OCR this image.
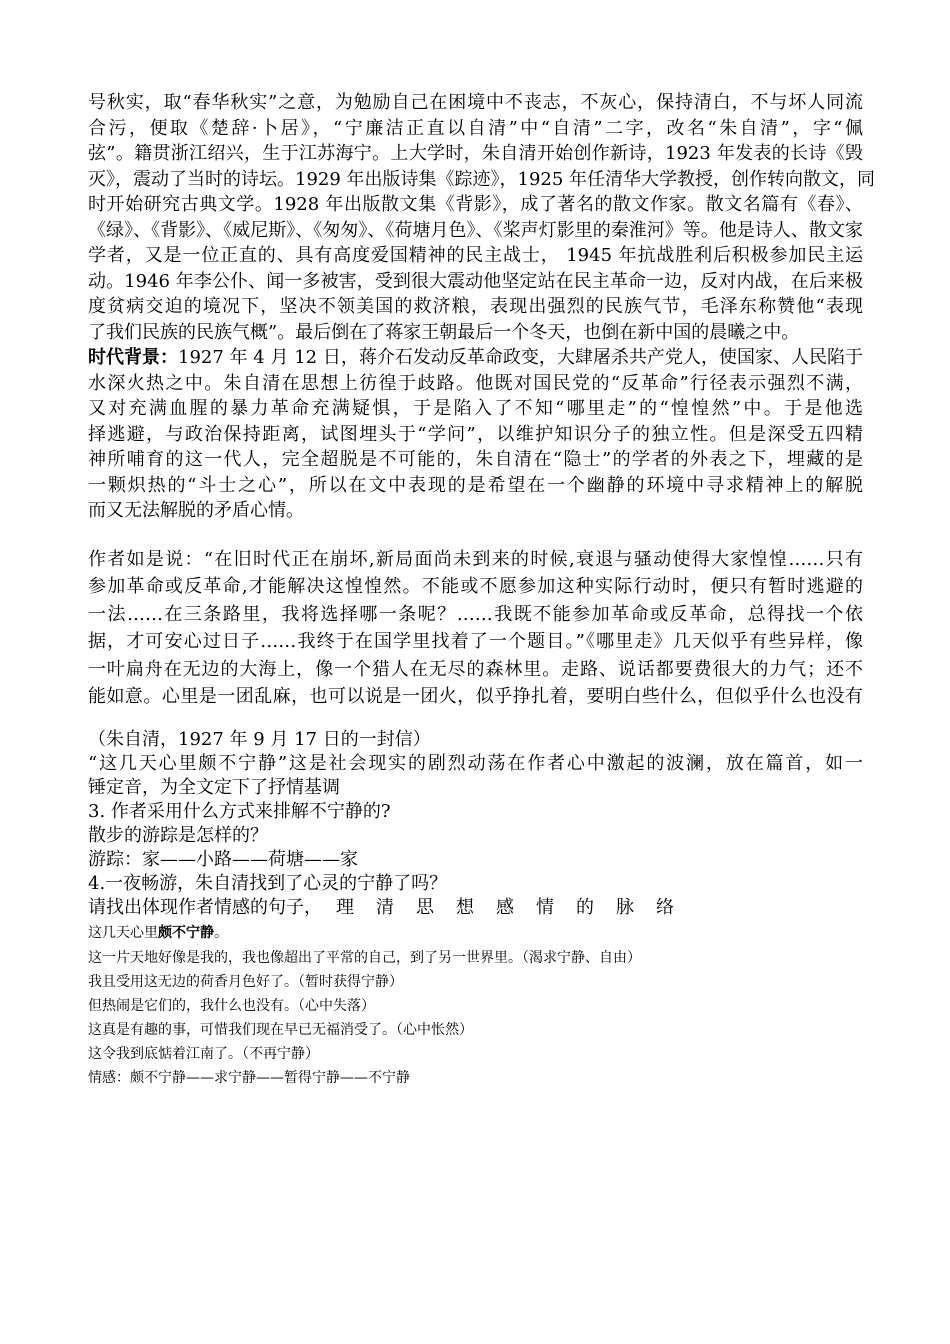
号秋实，取“春华秋实”之意，为勉励自己在困境中不丧志，不灰心，保持清白，不与坏人同流
合污，便取《楚辞·卜居》，“宁廉洁正直以自清”中“自清”二字，改名“朱自清”，字“佩
弦”。籍贯浙江绍兴，生于江苏海宁。上大学时，朱自清开始创作新诗，1923 年发表的长诗《毁
灭》，震动了当时的诗坛。1929 年出版诗集《踪迹》，1925 年任清华大学教授，创作转向散文，同
时开始研究古典文学。1928 年出版散文集《背影》，成了著名的散文作家。散文名篇有《春》、
《绿》、《背影》、《威尼斯》、《匆匆》、《荷塘月色》、《桨声灯影里的秦淮河》等。他是诗人、散文家
学者，又是一位正直的、具有高度爱国精神的民主战士， 1945 年抗战胜利后积极参加民主运
动。1946 年李公仆、闻一多被害，受到很大震动他坚定站在民主革命一边，反对内战，在后来极
度贫病交迫的境况下，坚决不领美国的救济粮，表现出强烈的民族气节，毛泽东称赞他“表现
了我们民族的民族气概”。最后倒在了蒋家王朝最后一个冬天，也倒在新中国的晨曦之中。
时代背景：1927 年 4 月 12 日，蒋介石发动反革命政变，大肆屠杀共产党人，使国家、人民陷于
水深火热之中。朱自清在思想上彷徨于歧路。他既对国民党的“反革命”行径表示强烈不满，
又对充满血腥的暴力革命充满疑惧，于是陷入了不知“哪里走”的“惶惶然”中。于是他选
择逃避，与政治保持距离，试图埋头于“学问”，以维护知识分子的独立性。但是深受五四精
神所哺育的这一代人，完全超脱是不可能的，朱自清在“隐士”的学者的外表之下，埋藏的是
一颗炽热的“斗士之心”，所以在文中表现的是希望在一个幽静的环境中寻求精神上的解脱
而又无法解脱的矛盾心情。
作者如是说：“在旧时代正在崩坏,新局面尚未到来的时候,衰退与骚动使得大家惶惶……只有
参加革命或反革命,才能解决这惶惶然。不能或不愿参加这种实际行动时，便只有暂时逃避的
一法……在三条路里，我将选择哪一条呢？……我既不能参加革命或反革命，总得找一个依
据，才可安心过日子……我终于在国学里找着了一个题目。”《哪里走》几天似乎有些异样，像
一叶扁舟在无边的大海上，像一个猎人在无尽的森林里。走路、说话都要费很大的力气；还不
能如意。心里是一团乱麻，也可以说是一团火，似乎挣扎着，要明白些什么，但似乎什么也没有

（朱自清，1927 年 9 月 17 日的一封信）

“这几天心里颇不宁静”这是社会现实的剧烈动荡在作者心中激起的波澜，放在篇首，如一
锤定音，为全文定下了抒情基调

3. 作者采用什么方式来排解不宁静的?

散步的游踪是怎样的？

游踪：家——小路——荷塘——家

4.一夜畅游，朱自清找到了心灵的宁静了吗？

请找出体现作者情感的句子， 理 清 思 想 感 情 的 脉 络

这几天心里颇不宁静。

这一片天地好像是我的，我也像超出了平常的自己，到了另一世界里。（渴求宁静、自由）

我且受用这无边的荷香月色好了。（暂时获得宁静）

但热闹是它们的，我什么也没有。（心中失落）

这真是有趣的事，可惜我们现在早已无福消受了。（心中怅然）

这令我到底惦着江南了。（不再宁静）

情感：颇不宁静——求宁静——暂得宁静——不宁静
